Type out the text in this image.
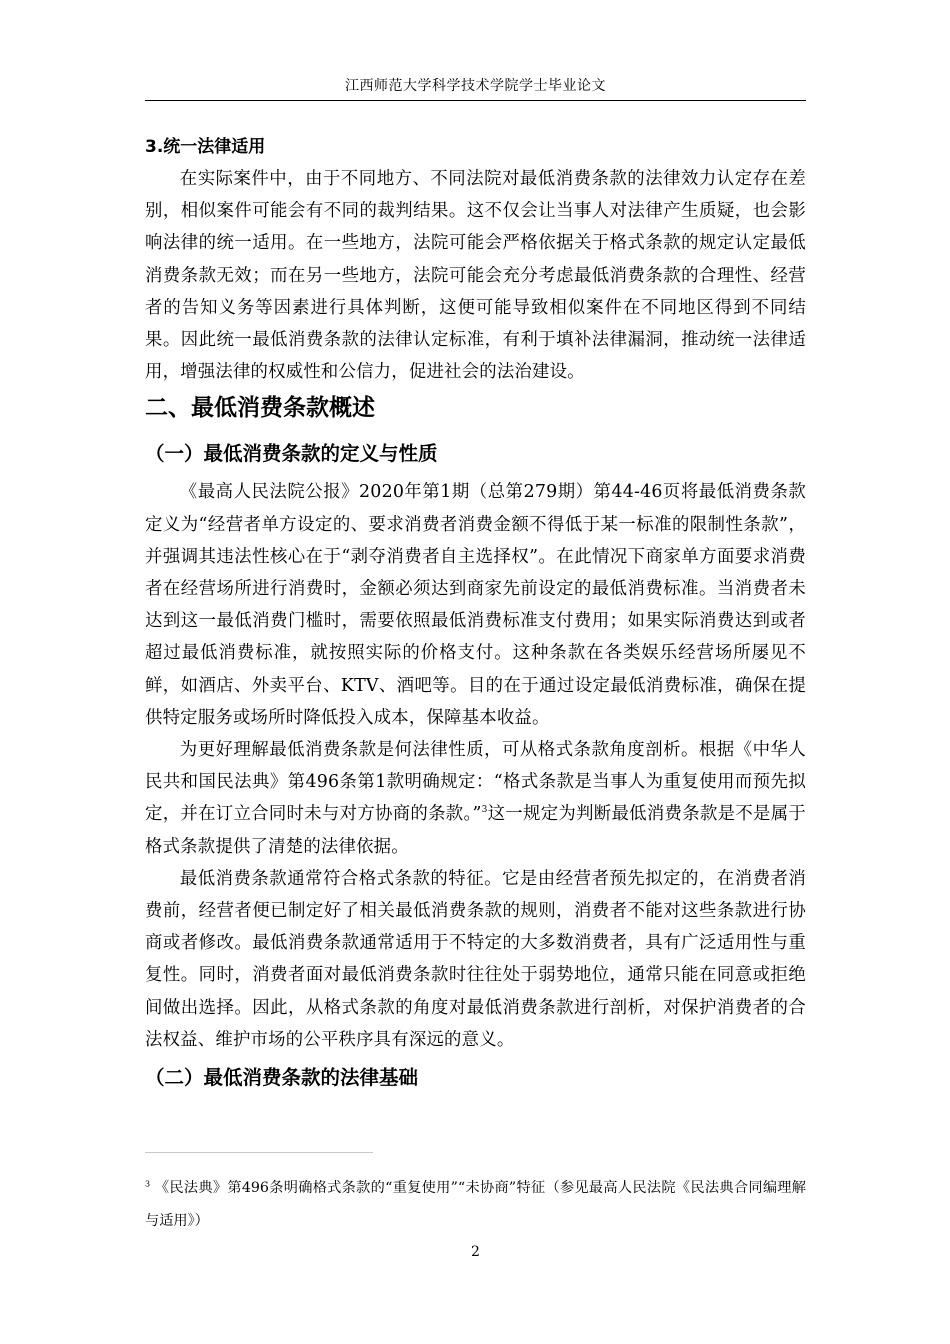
江西师范大学科学技术学院学士毕业论文

3.统一法律适用

在实际案件中，由于不同地方、不同法院对最低消费条款的法律效力认定存在差别，相似案件可能会有不同的裁判结果。这不仅会让当事人对法律产生质疑，也会影响法律的统一适用。在一些地方，法院可能会严格依据关于格式条款的规定认定最低消费条款无效；而在另一些地方，法院可能会充分考虑最低消费条款的合理性、经营者的告知义务等因素进行具体判断，这便可能导致相似案件在不同地区得到不同结果。因此统一最低消费条款的法律认定标准，有利于填补法律漏洞，推动统一法律适用，增强法律的权威性和公信力，促进社会的法治建设。

二、最低消费条款概述

（一）最低消费条款的定义与性质

《最高人民法院公报》2020年第1期（总第279期）第44-46页将最低消费条款定义为“经营者单方设定的、要求消费者消费金额不得低于某一标准的限制性条款”，并强调其违法性核心在于“剥夺消费者自主选择权”。在此情况下商家单方面要求消费者在经营场所进行消费时，金额必须达到商家先前设定的最低消费标准。当消费者未达到这一最低消费门槛时，需要依照最低消费标准支付费用；如果实际消费达到或者超过最低消费标准，就按照实际的价格支付。这种条款在各类娱乐经营场所屡见不鲜，如酒店、外卖平台、KTV、酒吧等。目的在于通过设定最低消费标准，确保在提供特定服务或场所时降低投入成本，保障基本收益。

为更好理解最低消费条款是何法律性质，可从格式条款角度剖析。根据《中华人民共和国民法典》第496条第1款明确规定：“格式条款是当事人为重复使用而预先拟定，并在订立合同时未与对方协商的条款。”$^3$这一规定为判断最低消费条款是不是属于格式条款提供了清楚的法律依据。

最低消费条款通常符合格式条款的特征。它是由经营者预先拟定的，在消费者消费前，经营者便已制定好了相关最低消费条款的规则，消费者不能对这些条款进行协商或者修改。最低消费条款通常适用于不特定的大多数消费者，具有广泛适用性与重复性。同时，消费者面对最低消费条款时往往处于弱势地位，通常只能在同意或拒绝间做出选择。因此，从格式条款的角度对最低消费条款进行剖析，对保护消费者的合法权益、维护市场的公平秩序具有深远的意义。

（二）最低消费条款的法律基础

$^3$ 《民法典》第496条明确格式条款的“重复使用”“未协商”特征（参见最高人民法院《民法典合同编理解与适用》）
2
